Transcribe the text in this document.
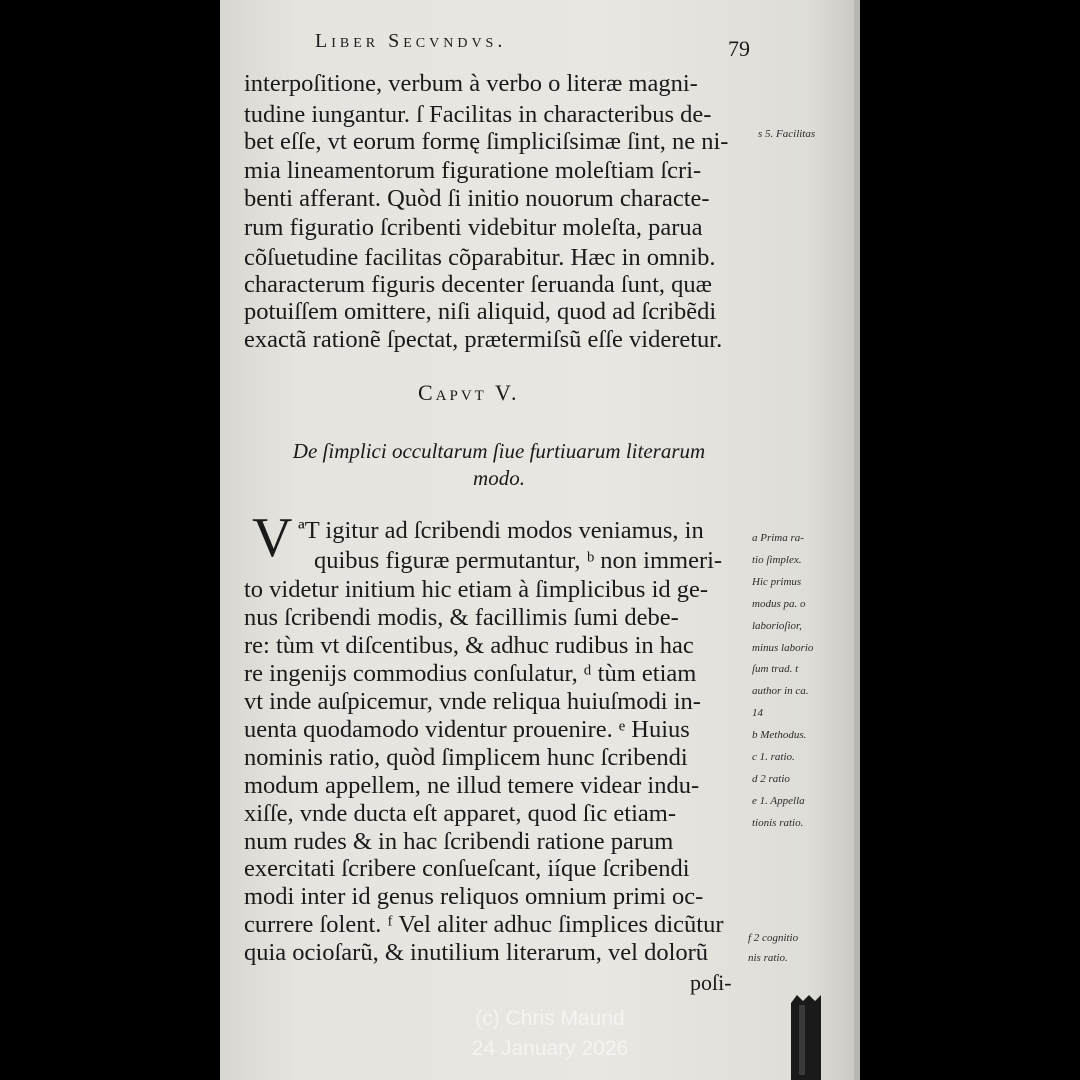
Liber Secvndvs.	79
interpoſitione, verbum à verbo o literæ magni-
tudine iungantur. ſ Facilitas in characteribus de-
bet eſſe, vt eorum formę ſimpliciſsimæ ſint, ne ni-
mia lineamentorum figuratione moleſtiam ſcri-
benti afferant. Quòd ſi initio nouorum characte-
rum figuratio ſcribenti videbitur moleſta, parua
cõſuetudine facilitas cõparabitur. Hæc in omnib.
characterum figuris decenter ſeruanda ſunt, quæ
potuiſſem omittere, niſi aliquid, quod ad ſcribẽdi
exactã rationẽ ſpectat, prætermiſsũ eſſe videretur.
s 5. Facilitas
Capvt V.
De ſimplici occultarum ſiue furtiuarum literarum
modo.
V ªT igitur ad ſcribendi modos veniamus, in
quibus figuræ permutantur, ᵇ non immeri-
to videtur initium hic etiam à ſimplicibus id ge-
nus ſcribendi modis, & facillimis ſumi debe-
re: tùm vt diſcentibus, & adhuc rudibus in hac
re ingenijs commodius conſulatur, ᵈ tùm etiam
vt inde auſpicemur, vnde reliqua huiuſmodi in-
uenta quodamodo videntur prouenire. ᵉ Huius
nominis ratio, quòd ſimplicem hunc ſcribendi
modum appellem, ne illud temere videar indu-
xiſſe, vnde ducta eſt apparet, quod ſic etiam-
num rudes & in hac ſcribendi ratione parum
exercitati ſcribere conſueſcant, iíque ſcribendi
modi inter id genus reliquos omnium primi oc-
currere ſolent. ᶠ Vel aliter adhuc ſimplices dicũtur
quia ocioſarũ, & inutilium literarum, vel dolorũ
a Prima ra-
tio ſimplex.
Hic primus
modus pa. o
laborioſior,
minus laborio
ſum trad. t
author in ca.
14
b Methodus.
c 1. ratio.
d 2 ratio
e 1. Appella
tionis ratio.
f 2 cognitio
nis ratio.
poſi-
(c) Chris Maund
24 January 2026
